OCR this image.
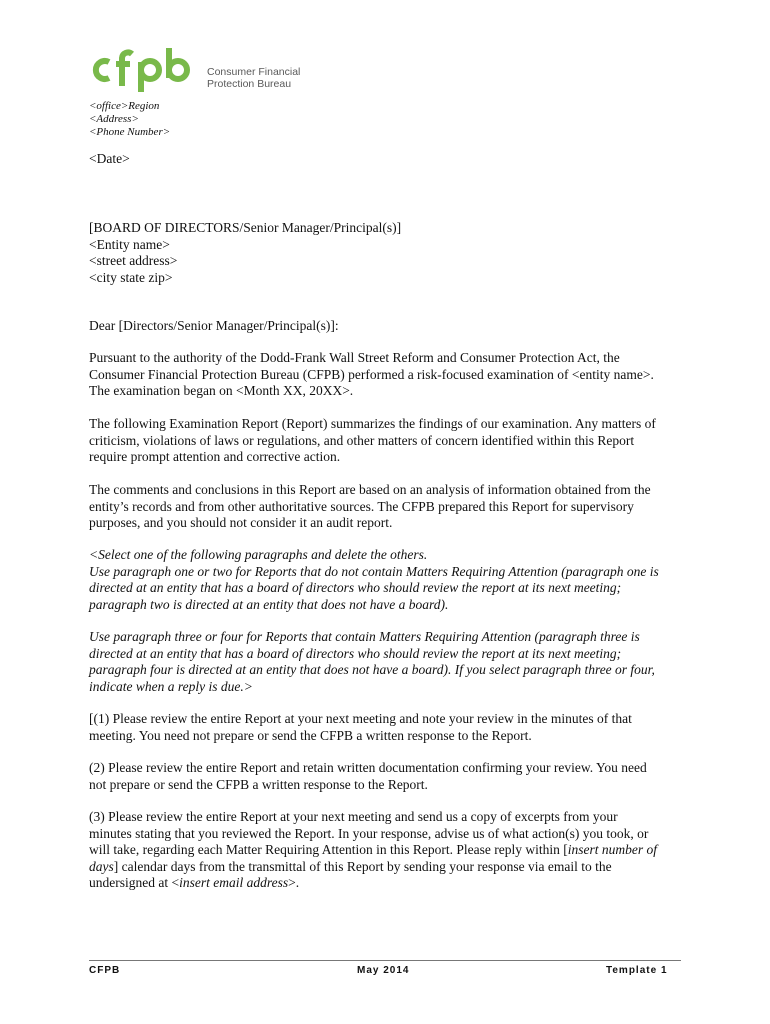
Consumer Financial
Protection Bureau
<office>Region
<Address>
<Phone Number>
<Date>
[BOARD OF DIRECTORS/Senior Manager/Principal(s)]
<Entity name>
<street address>
<city state zip>
Dear [Directors/Senior Manager/Principal(s)]:
Pursuant to the authority of the Dodd-Frank Wall Street Reform and Consumer Protection Act, the
Consumer Financial Protection Bureau (CFPB) performed a risk-focused examination of <entity name>.
The examination began on <Month XX, 20XX>.
The following Examination Report (Report) summarizes the findings of our examination. Any matters of
criticism, violations of laws or regulations, and other matters of concern identified within this Report
require prompt attention and corrective action.
The comments and conclusions in this Report are based on an analysis of information obtained from the
entity’s records and from other authoritative sources. The CFPB prepared this Report for supervisory
purposes, and you should not consider it an audit report.
<Select one of the following paragraphs and delete the others.
Use paragraph one or two for Reports that do not contain Matters Requiring Attention (paragraph one is
directed at an entity that has a board of directors who should review the report at its next meeting;
paragraph two is directed at an entity that does not have a board).
Use paragraph three or four for Reports that contain Matters Requiring Attention (paragraph three is
directed at an entity that has a board of directors who should review the report at its next meeting;
paragraph four is directed at an entity that does not have a board). If you select paragraph three or four,
indicate when a reply is due.>
[(1) Please review the entire Report at your next meeting and note your review in the minutes of that
meeting. You need not prepare or send the CFPB a written response to the Report.
(2) Please review the entire Report and retain written documentation confirming your review. You need
not prepare or send the CFPB a written response to the Report.
(3) Please review the entire Report at your next meeting and send us a copy of excerpts from your
minutes stating that you reviewed the Report. In your response, advise us of what action(s) you took, or
will take, regarding each Matter Requiring Attention in this Report. Please reply within [insert number of
days] calendar days from the transmittal of this Report by sending your response via email to the
undersigned at <insert email address>.
CFPB	May 2014	Template 1
